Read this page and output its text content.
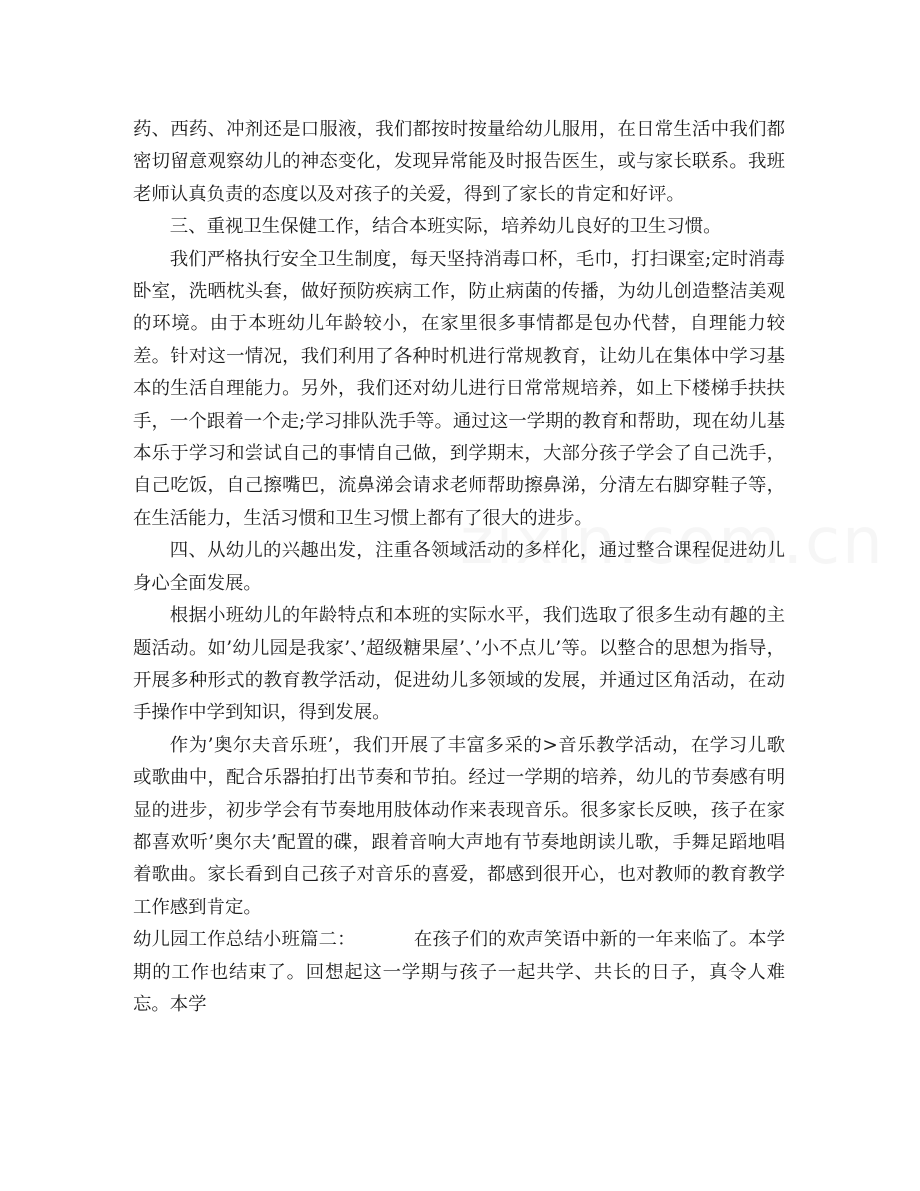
药、西药、冲剂还是口服液，我们都按时按量给幼儿服用，在日常生活中我们都密切留意观察幼儿的神态变化，发现异常能及时报告医生，或与家长联系。我班老师认真负责的态度以及对孩子的关爱，得到了家长的肯定和好评。

三、重视卫生保健工作，结合本班实际，培养幼儿良好的卫生习惯。

我们严格执行安全卫生制度，每天坚持消毒口杯，毛巾，打扫课室;定时消毒卧室，洗晒枕头套，做好预防疾病工作，防止病菌的传播，为幼儿创造整洁美观的环境。由于本班幼儿年龄较小，在家里很多事情都是包办代替，自理能力较差。针对这一情况，我们利用了各种时机进行常规教育，让幼儿在集体中学习基本的生活自理能力。另外，我们还对幼儿进行日常常规培养，如上下楼梯手扶扶手，一个跟着一个走;学习排队洗手等。通过这一学期的教育和帮助，现在幼儿基本乐于学习和尝试自己的事情自己做，到学期末，大部分孩子学会了自己洗手，自己吃饭，自己擦嘴巴，流鼻涕会请求老师帮助擦鼻涕，分清左右脚穿鞋子等，在生活能力，生活习惯和卫生习惯上都有了很大的进步。

四、从幼儿的兴趣出发，注重各领域活动的多样化，通过整合课程促进幼儿身心全面发展。

根据小班幼儿的年龄特点和本班的实际水平，我们选取了很多生动有趣的主题活动。如’幼儿园是我家’、’超级糖果屋’、’小不点儿’等。以整合的思想为指导，开展多种形式的教育教学活动，促进幼儿多领域的发展，并通过区角活动，在动手操作中学到知识，得到发展。

作为’奥尔夫音乐班’，我们开展了丰富多采的>音乐教学活动，在学习儿歌或歌曲中，配合乐器拍打出节奏和节拍。经过一学期的培养，幼儿的节奏感有明显的进步，初步学会有节奏地用肢体动作来表现音乐。很多家长反映，孩子在家都喜欢听’奥尔夫’配置的碟，跟着音响大声地有节奏地朗读儿歌，手舞足蹈地唱着歌曲。家长看到自己孩子对音乐的喜爱，都感到很开心，也对教师的教育教学工作感到肯定。

幼儿园工作总结小班篇二：	在孩子们的欢声笑语中新的一年来临了。本学期的工作也结束了。回想起这一学期与孩子一起共学、共长的日子，真令人难忘。本学
